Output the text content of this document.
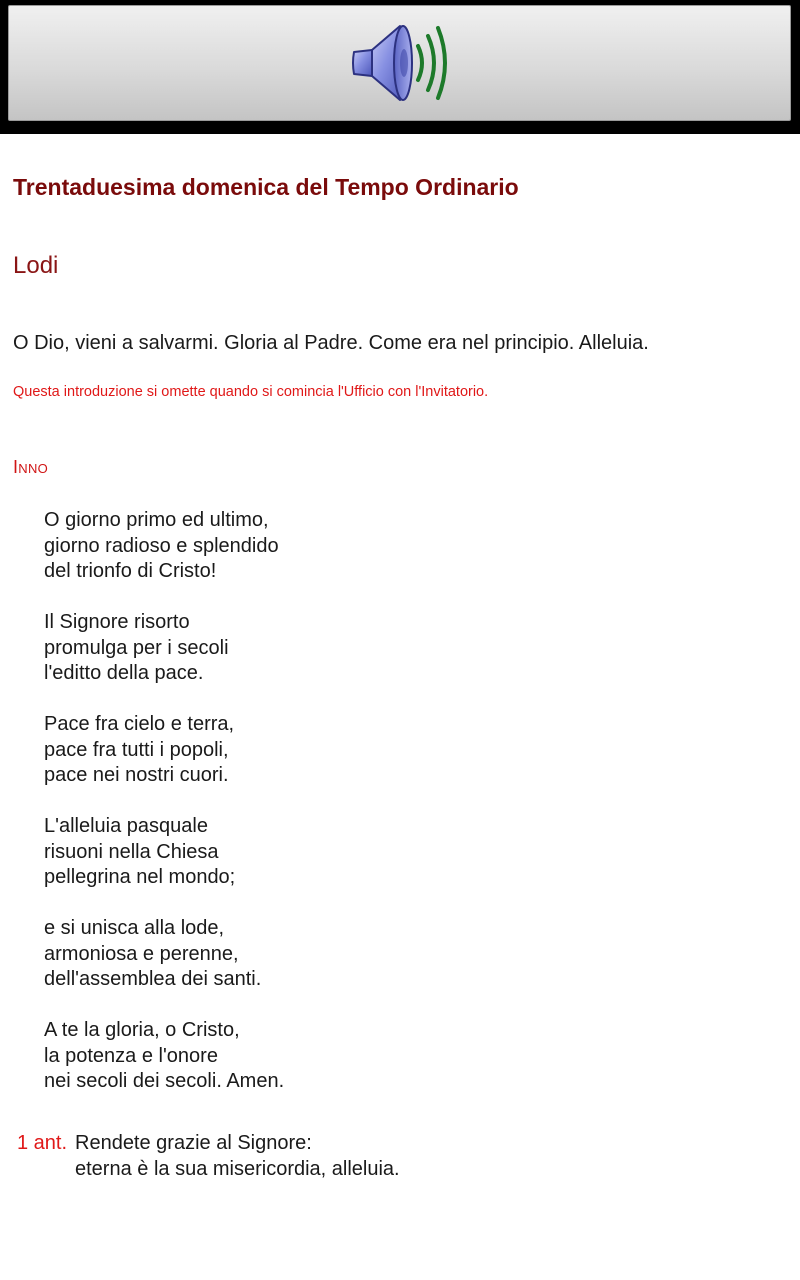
Trentaduesima domenica del Tempo Ordinario
Lodi
O Dio, vieni a salvarmi. Gloria al Padre. Come era nel principio. Alleluia.
Questa introduzione si omette quando si comincia l'Ufficio con l'Invitatorio.
Inno
O giorno primo ed ultimo,
giorno radioso e splendido
del trionfo di Cristo!
Il Signore risorto
promulga per i secoli
l'editto della pace.
Pace fra cielo e terra,
pace fra tutti i popoli,
pace nei nostri cuori.
L'alleluia pasquale
risuoni nella Chiesa
pellegrina nel mondo;
e si unisca alla lode,
armoniosa e perenne,
dell'assemblea dei santi.
A te la gloria, o Cristo,
la potenza e l'onore
nei secoli dei secoli. Amen.
1 ant. Rendete grazie al Signore:
eterna è la sua misericordia, alleluia.
